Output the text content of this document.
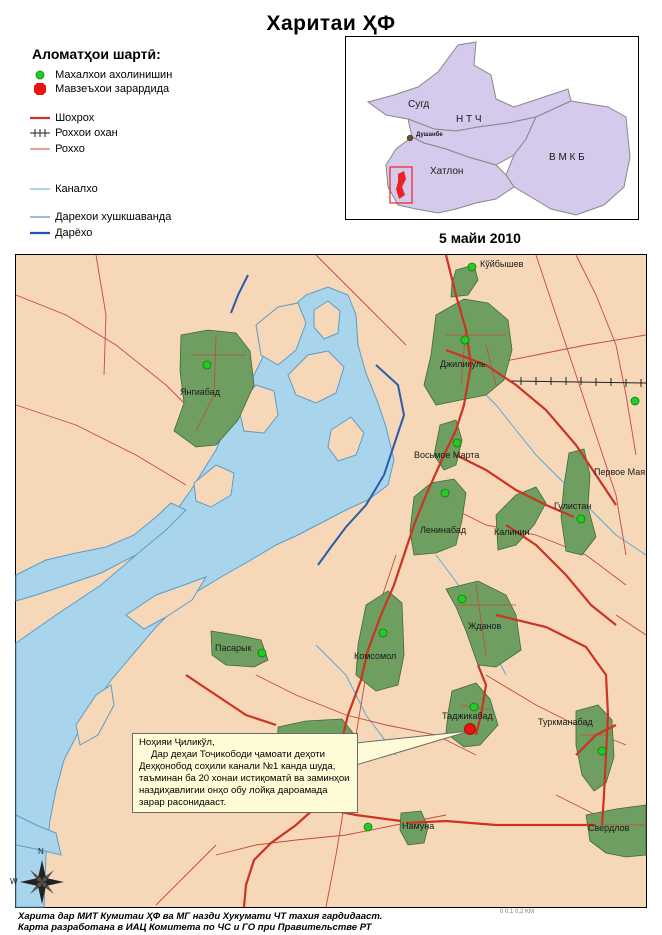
Харитаи ҲФ
Аломатҳои шартӣ:
Махалхои ахолинишин
Мавзеъхои зарардида
Шохрох
Роххои охан
Роххо
Каналхо
Дарехои хушкшаванда
Дарёхо
Сугд
Н Т Ч
В М К Б
Хатлон
Душанбе
5 майи 2010
Кўйбышев
Янгиабад
Джиликуль
Восьмое Марта
Первое Мая
Гулистан
Ленинабад	Калинин
Жданов
Пасарык
Комсомол
Таджикабад
Туркманабад
Намуна	Свердлов
N
W

Ноҳияи Ҷиликўл,

Дар деҳаи Тоҷикободи ҷамоати деҳоти Деҳқонобод соҳили канали №1 канда шуда, таъминан ба 20 хонаи истиқоматӣ ва заминҳои наздиҳавлигии онҳо обу лойқа дароамада зарар расонидааст.

0 0,1 0,2 KM
Харита дар МИТ Кумитаи ҲФ ва МГ назди Хукумати ЧТ тахия гардидааст.
Карта разработана в ИАЦ Комитета по ЧС и ГО при Правительстве РТ
